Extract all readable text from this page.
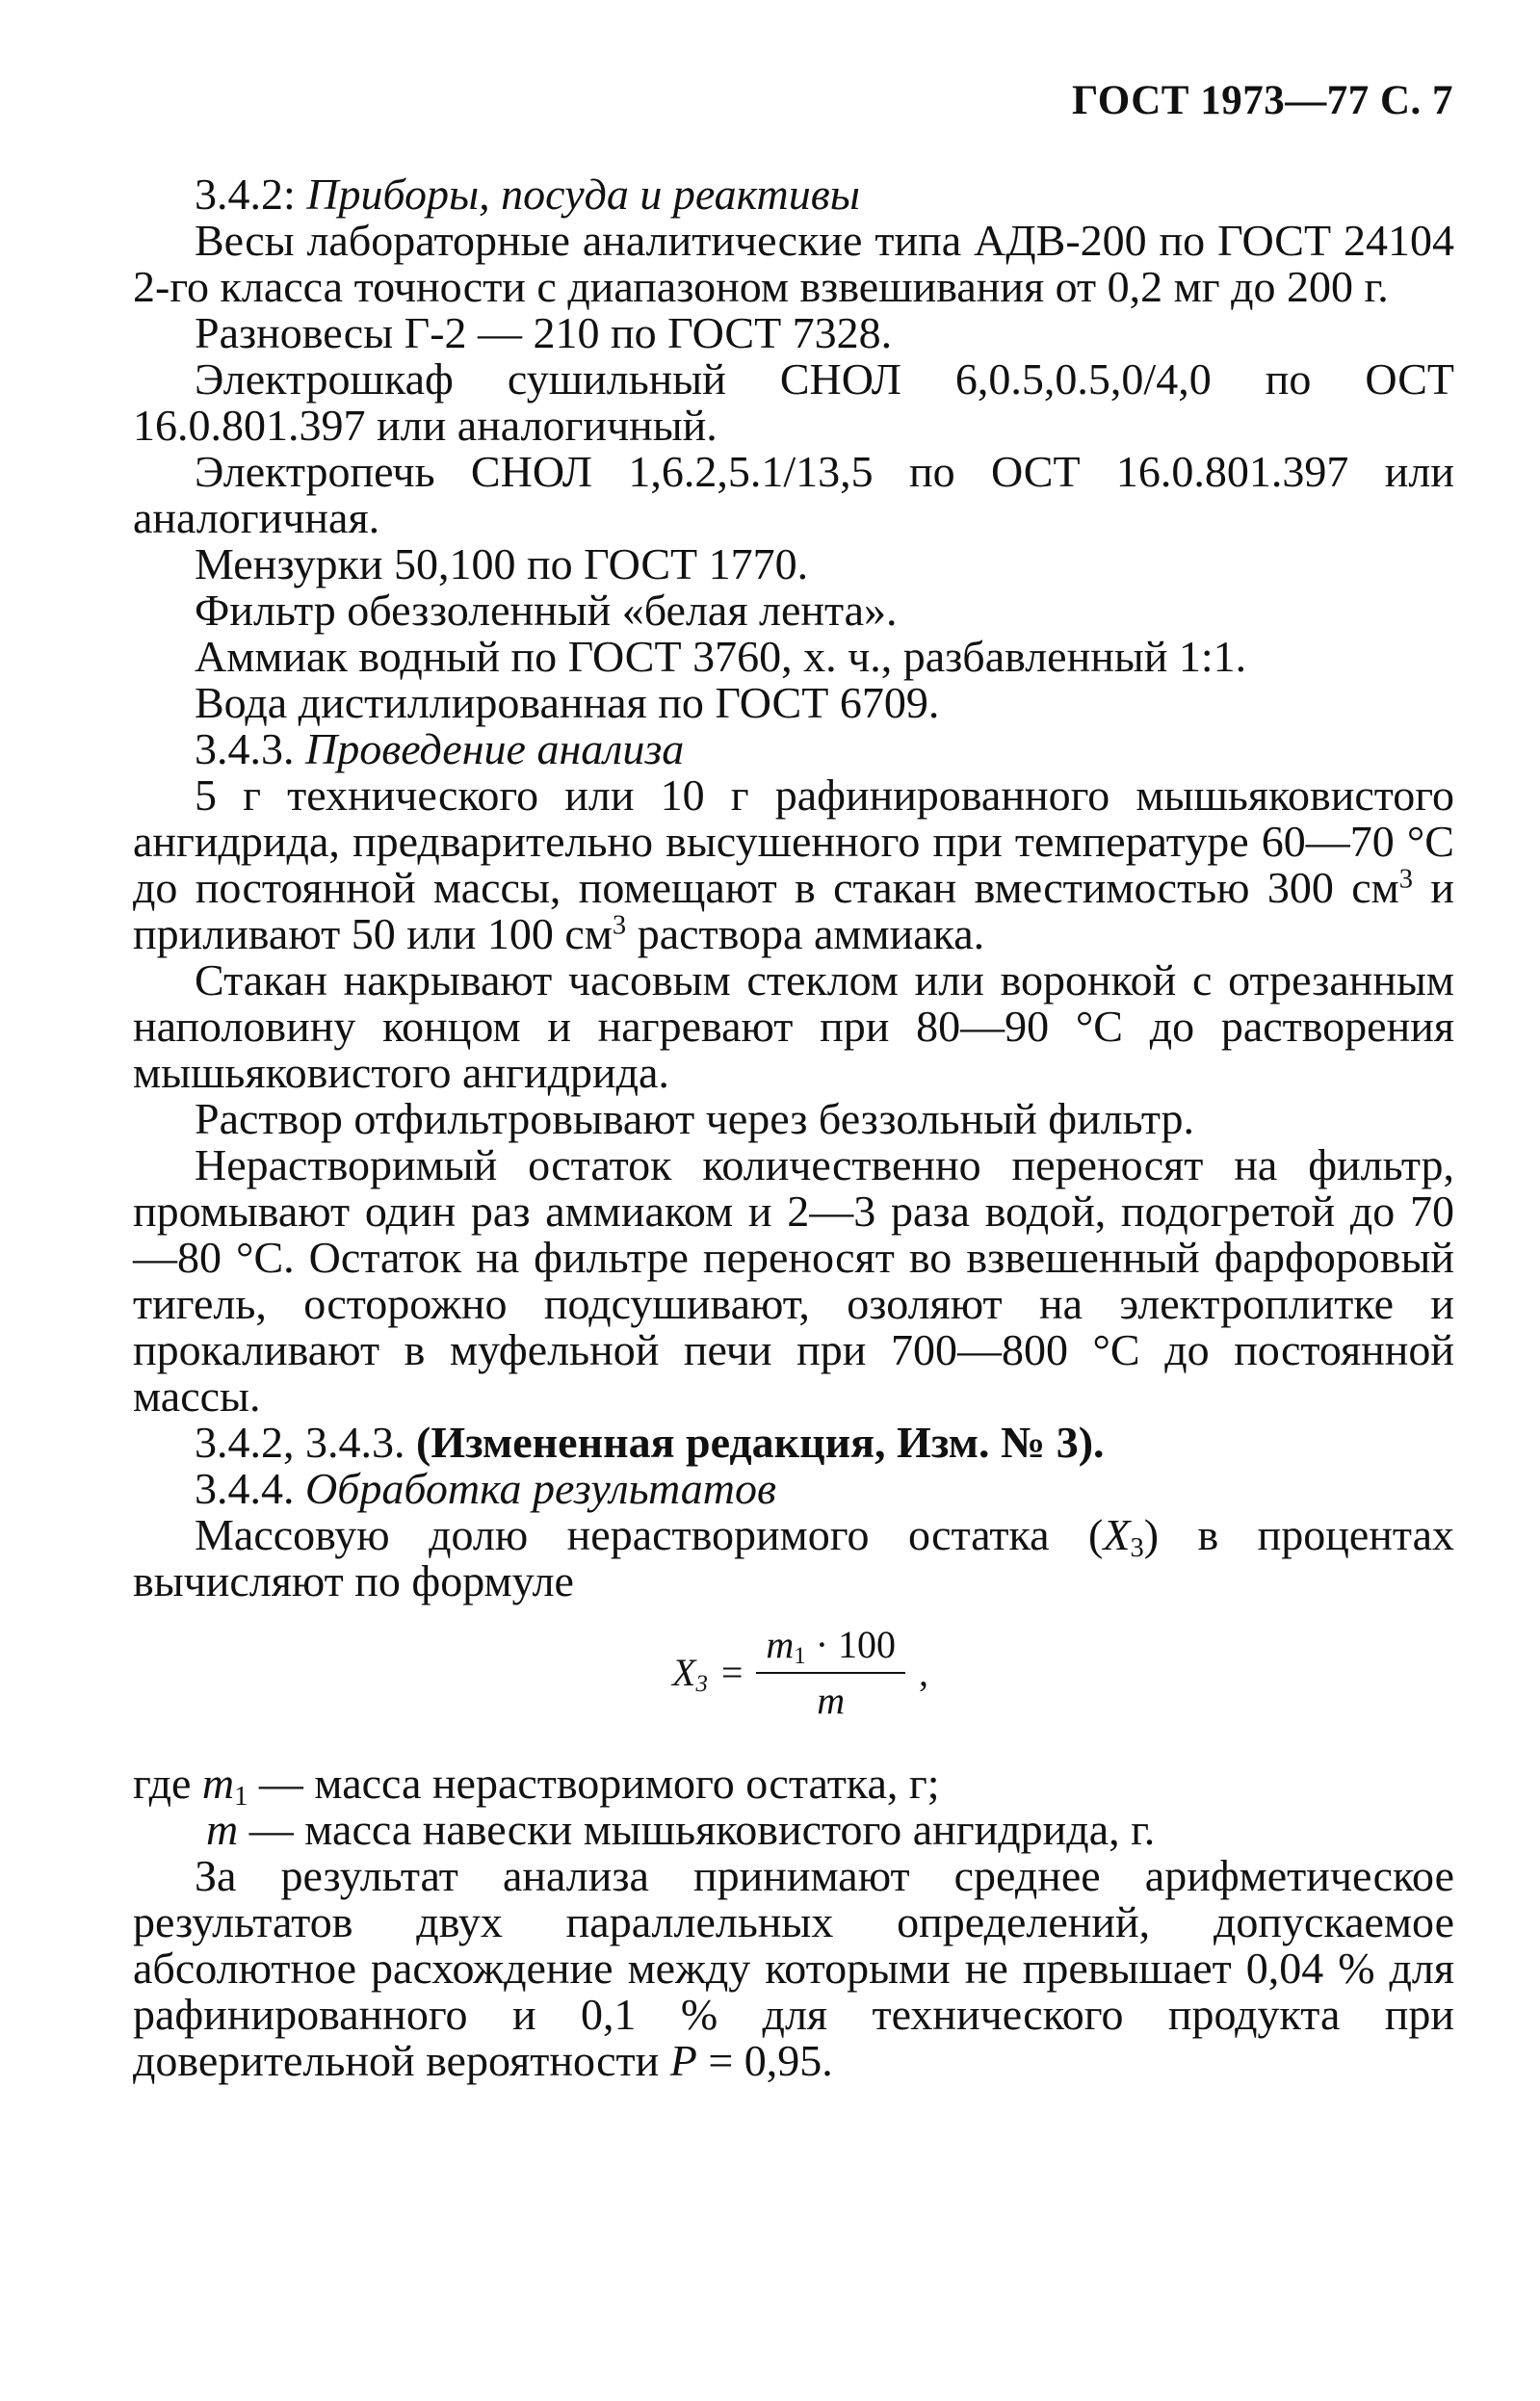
ГОСТ 1973—77 С. 7

3.4.2: Приборы, посуда и реактивы

Весы лабораторные аналитические типа АДВ-200 по ГОСТ 24104 2-го класса точности с диапазоном взвешивания от 0,2 мг до 200 г.

Разновесы Г-2 — 210 по ГОСТ 7328.

Электрошкаф сушильный СНОЛ 6,0.5,0.5,0/4,0 по ОСТ 16.0.801.397 или аналогичный.

Электропечь СНОЛ 1,6.2,5.1/13,5 по ОСТ 16.0.801.397 или аналогичная.

Мензурки 50,100 по ГОСТ 1770.

Фильтр обеззоленный «белая лента».

Аммиак водный по ГОСТ 3760, х. ч., разбавленный 1:1.

Вода дистиллированная по ГОСТ 6709.

3.4.3. Проведение анализа

5 г технического или 10 г рафинированного мышьяковистого ангидрида, предварительно высушенного при температуре 60—70 °С до постоянной массы, помещают в стакан вместимостью 300 $см^3$ и приливают 50 или 100 $см^3$ раствора аммиака.

Стакан накрывают часовым стеклом или воронкой с отрезанным наполовину концом и нагревают при 80—90 °С до растворения мышьяковистого ангидрида.

Раствор отфильтровывают через беззольный фильтр.

Нерастворимый остаток количественно переносят на фильтр, промывают один раз аммиаком и 2—3 раза водой, подогретой до 70—80 °С. Остаток на фильтре переносят во взвешенный фарфоровый тигель, осторожно подсушивают, озоляют на электроплитке и прокаливают в муфельной печи при 700—800 °С до постоянной массы.

3.4.2, 3.4.3. (Измененная редакция, Изм. № 3).

3.4.4. Обработка результатов

Массовую долю нерастворимого остатка $(X_3)$ в процентах вычисляют по формуле

$X_3 = \frac{m_1 \cdot 100}{m}$ ,

где $m_1$ — масса нерастворимого остатка, г;

m — масса навески мышьяковистого ангидрида, г.

За результат анализа принимают среднее арифметическое результатов двух параллельных определений, допускаемое абсолютное расхождение между которыми не превышает 0,04 % для рафинированного и 0,1 % для технического продукта при доверительной вероятности P = 0,95.
